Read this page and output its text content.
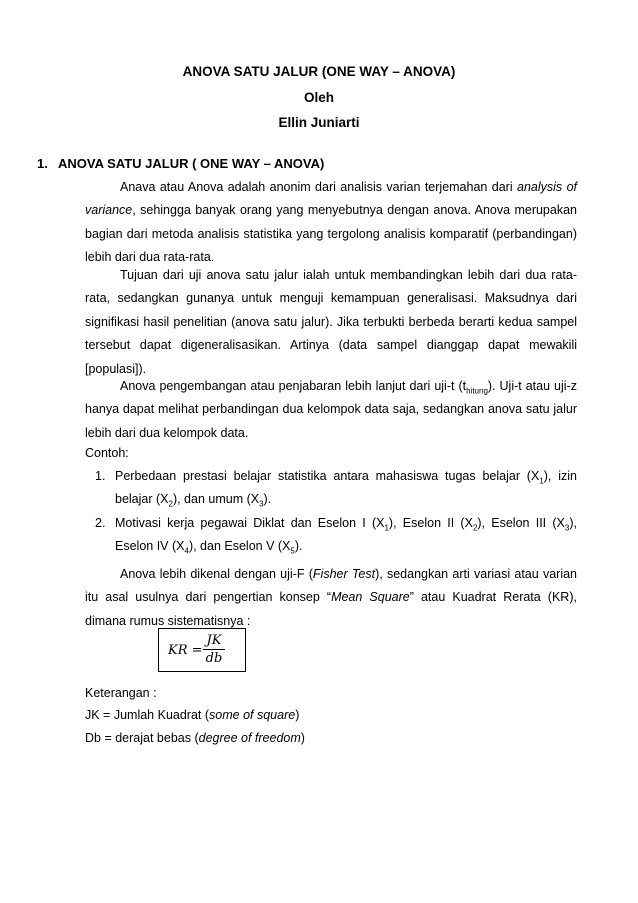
ANOVA SATU JALUR (ONE WAY – ANOVA)
Oleh
Ellin Juniarti
1. ANOVA SATU JALUR ( ONE WAY – ANOVA)
Anava atau Anova adalah anonim dari analisis varian terjemahan dari analysis of variance, sehingga banyak orang yang menyebutnya dengan anova. Anova merupakan bagian dari metoda analisis statistika yang tergolong analisis komparatif (perbandingan) lebih dari dua rata-rata.
Tujuan dari uji anova satu jalur ialah untuk membandingkan lebih dari dua rata-rata, sedangkan gunanya untuk menguji kemampuan generalisasi. Maksudnya dari signifikasi hasil penelitian (anova satu jalur). Jika terbukti berbeda berarti kedua sampel tersebut dapat digeneralisasikan. Artinya (data sampel dianggap dapat mewakili [populasi]).
Anova pengembangan atau penjabaran lebih lanjut dari uji-t $(t_{hitung})$. Uji-t atau uji-z hanya dapat melihat perbandingan dua kelompok data saja, sedangkan anova satu jalur lebih dari dua kelompok data.
Contoh:
1. Perbedaan prestasi belajar statistika antara mahasiswa tugas belajar $(X_1)$, izin belajar $(X_2)$, dan umum $(X_3)$.
2. Motivasi kerja pegawai Diklat dan Eselon I $(X_1)$, Eselon II $(X_2)$, Eselon III $(X_3)$, Eselon IV $(X_4)$, dan Eselon V $(X_5)$.
Anova lebih dikenal dengan uji-F (Fisher Test), sedangkan arti variasi atau varian itu asal usulnya dari pengertian konsep “Mean Square” atau Kuadrat Rerata (KR), dimana rumus sistematisnya :
KR =
JK
db
Keterangan :
JK = Jumlah Kuadrat (some of square)
Db = derajat bebas (degree of freedom)
